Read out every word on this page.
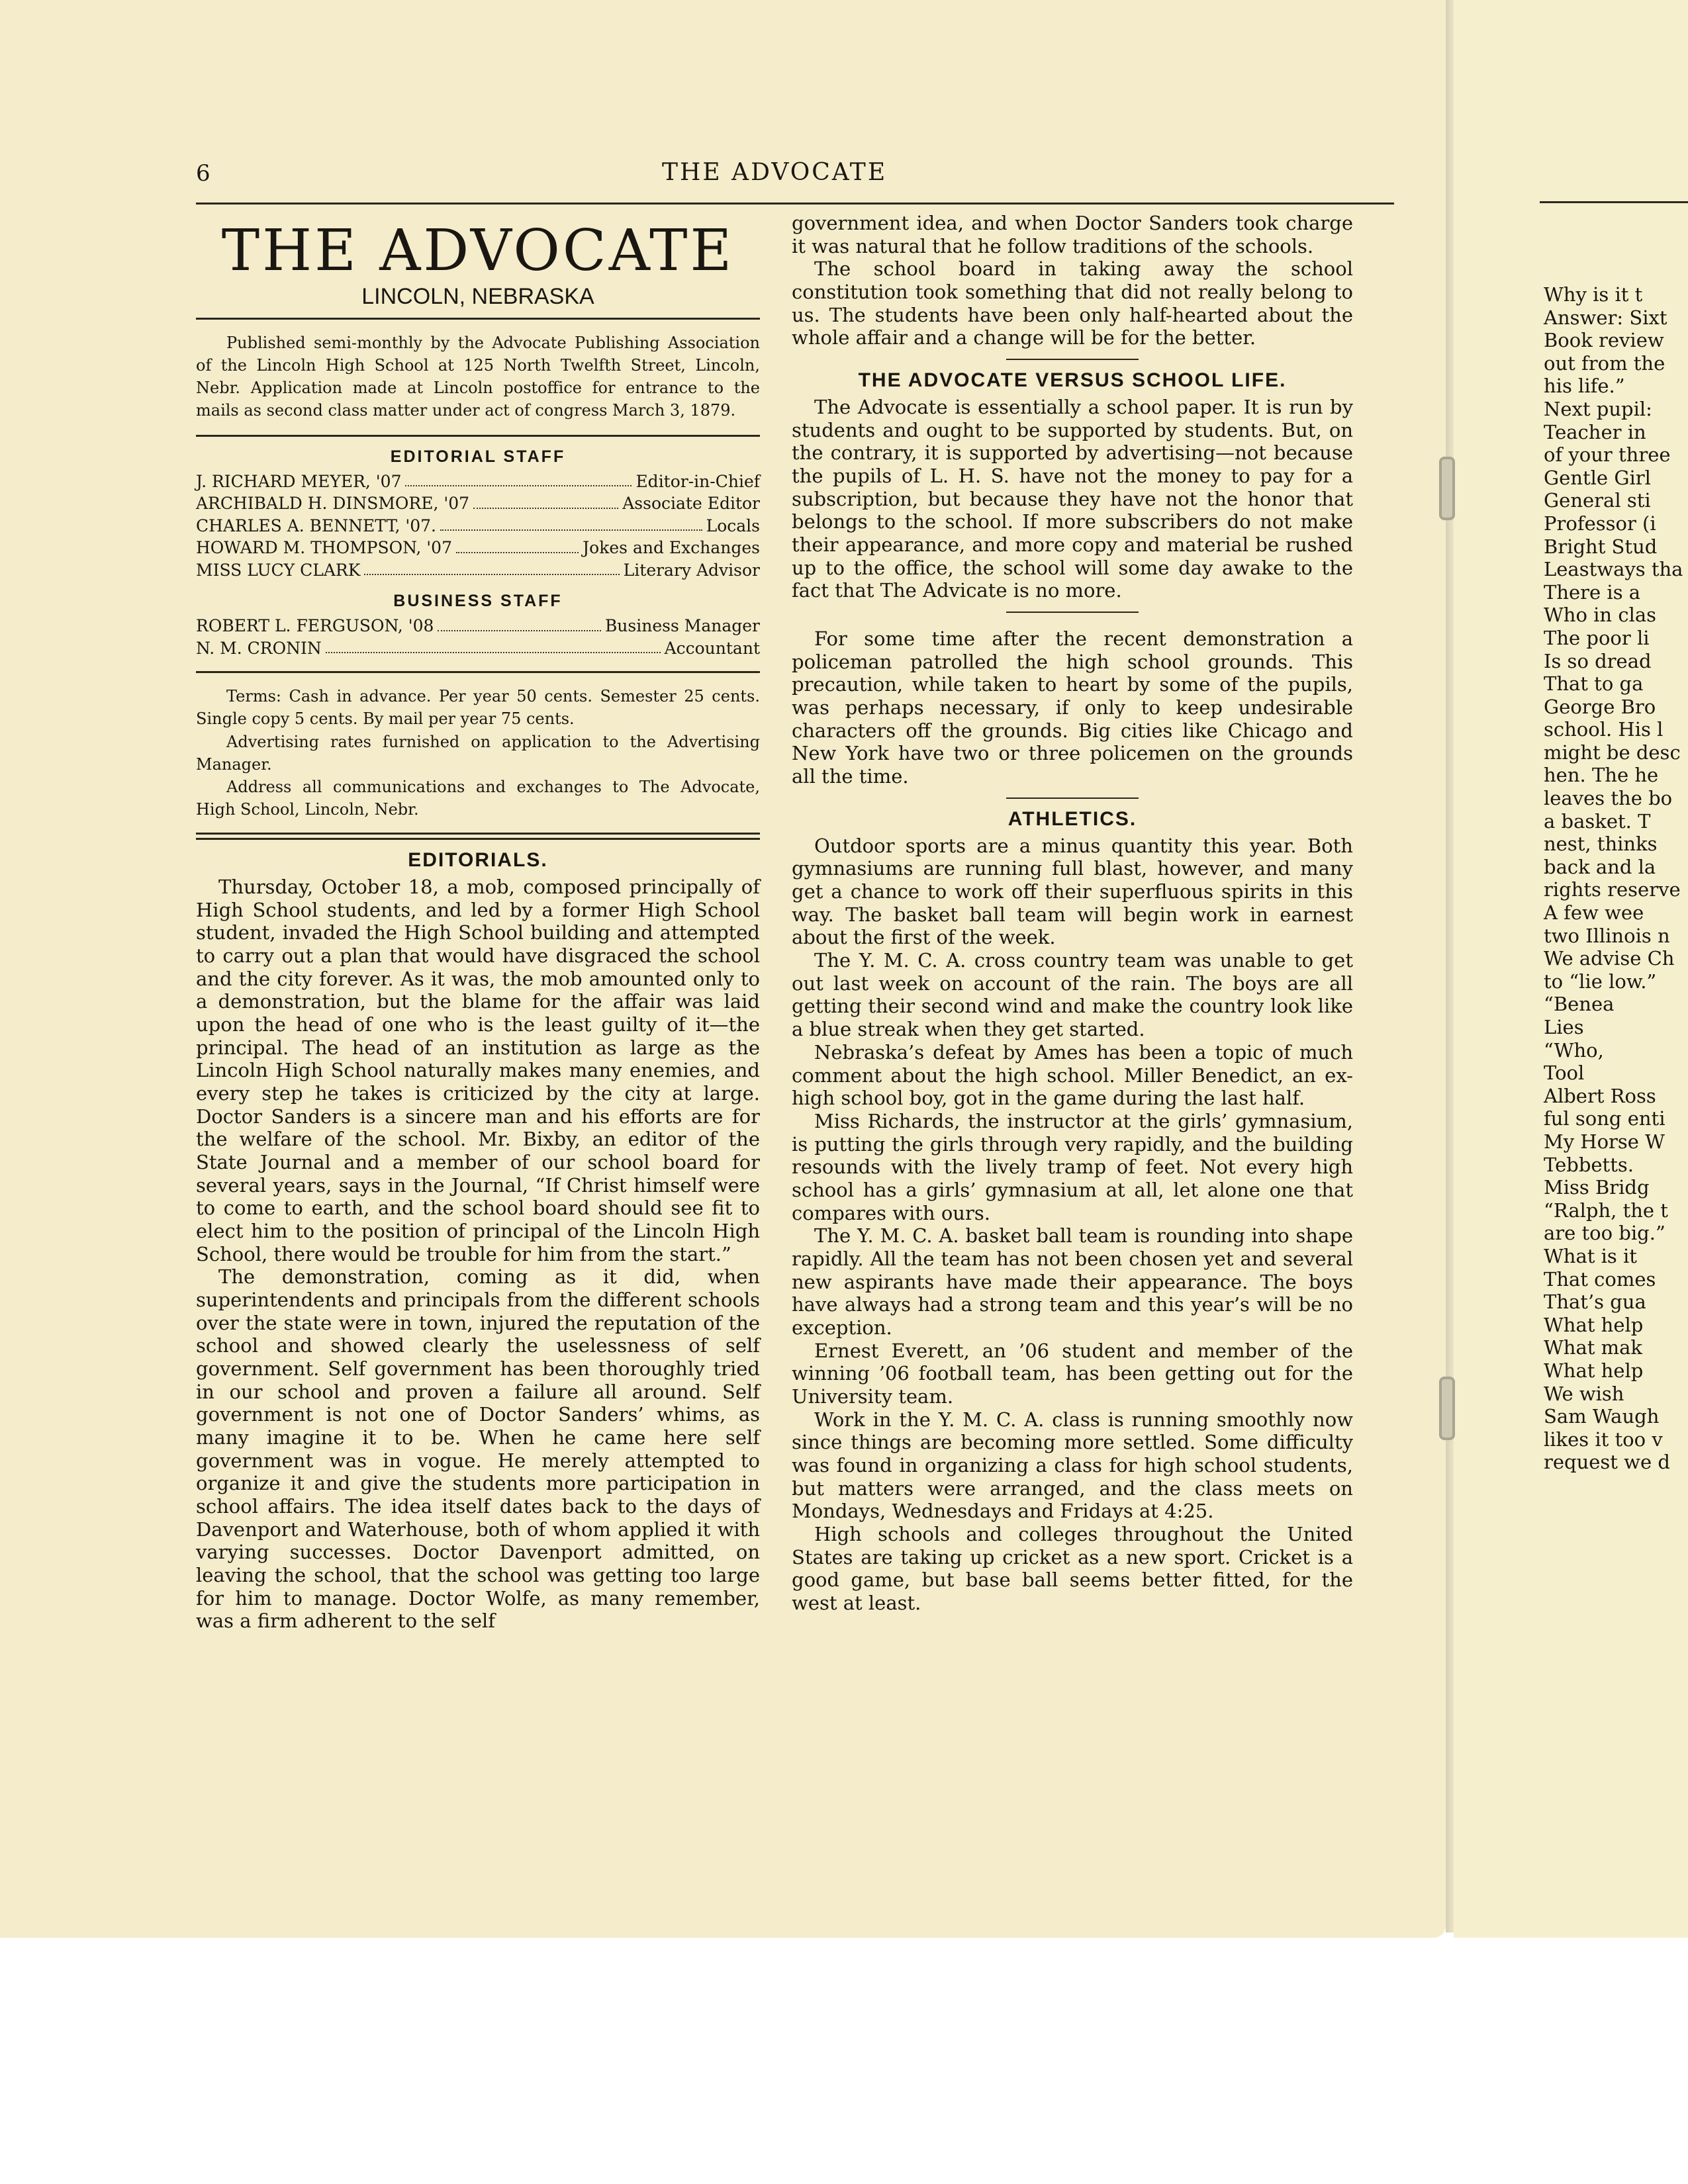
6	THE ADVOCATE
THE ADVOCATE
LINCOLN, NEBRASKA

Published semi-monthly by the Advocate Publishing Association of the Lincoln High School at 125 North Twelfth Street, Lincoln, Nebr. Application made at Lincoln postoffice for entrance to the mails as second class matter under act of congress March 3, 1879.

EDITORIAL STAFF
J. RICHARD MEYER, '07	Editor-in-Chief
ARCHIBALD H. DINSMORE, '07	Associate Editor
CHARLES A. BENNETT, '07.	Locals
HOWARD M. THOMPSON, '07	Jokes and Exchanges
MISS LUCY CLARK	Literary Advisor
BUSINESS STAFF
ROBERT L. FERGUSON, '08	Business Manager
N. M. CRONIN	Accountant

Terms: Cash in advance. Per year 50 cents. Semester 25 cents. Single copy 5 cents. By mail per year 75 cents.

Advertising rates furnished on application to the Advertising Manager.

Address all communications and exchanges to The Advocate, High School, Lincoln, Nebr.

EDITORIALS.

Thursday, October 18, a mob, composed principally of High School students, and led by a former High School student, invaded the High School building and attempted to carry out a plan that would have disgraced the school and the city forever. As it was, the mob amounted only to a demonstration, but the blame for the affair was laid upon the head of one who is the least guilty of it—the principal. The head of an institution as large as the Lincoln High School naturally makes many enemies, and every step he takes is criticized by the city at large. Doctor Sanders is a sincere man and his efforts are for the welfare of the school. Mr. Bixby, an editor of the State Journal and a member of our school board for several years, says in the Journal, “If Christ himself were to come to earth, and the school board should see fit to elect him to the position of principal of the Lincoln High School, there would be trouble for him from the start.”

The demonstration, coming as it did, when superintendents and principals from the different schools over the state were in town, injured the reputation of the school and showed clearly the uselessness of self government. Self government has been thoroughly tried in our school and proven a failure all around. Self government is not one of Doctor Sanders’ whims, as many imagine it to be. When he came here self government was in vogue. He merely attempted to organize it and give the students more participation in school affairs. The idea itself dates back to the days of Davenport and Waterhouse, both of whom applied it with varying successes. Doctor Davenport admitted, on leaving the school, that the school was getting too large for him to manage. Doctor Wolfe, as many remember, was a firm adherent to the self

government idea, and when Doctor Sanders took charge it was natural that he follow traditions of the schools.

The school board in taking away the school constitution took something that did not really belong to us. The students have been only half-hearted about the whole affair and a change will be for the better.

THE ADVOCATE VERSUS SCHOOL LIFE.

The Advocate is essentially a school paper. It is run by students and ought to be supported by students. But, on the contrary, it is supported by advertising—not because the pupils of L. H. S. have not the money to pay for a subscription, but because they have not the honor that belongs to the school. If more subscribers do not make their appearance, and more copy and material be rushed up to the office, the school will some day awake to the fact that The Advicate is no more.

For some time after the recent demonstration a policeman patrolled the high school grounds. This precaution, while taken to heart by some of the pupils, was perhaps necessary, if only to keep undesirable characters off the grounds. Big cities like Chicago and New York have two or three policemen on the grounds all the time.

ATHLETICS.

Outdoor sports are a minus quantity this year. Both gymnasiums are running full blast, however, and many get a chance to work off their superfluous spirits in this way. The basket ball team will begin work in earnest about the first of the week.

The Y. M. C. A. cross country team was unable to get out last week on account of the rain. The boys are all getting their second wind and make the country look like a blue streak when they get started.

Nebraska’s defeat by Ames has been a topic of much comment about the high school. Miller Benedict, an ex-high school boy, got in the game during the last half.

Miss Richards, the instructor at the girls’ gymnasium, is putting the girls through very rapidly, and the building resounds with the lively tramp of feet. Not every high school has a girls’ gymnasium at all, let alone one that compares with ours.

The Y. M. C. A. basket ball team is rounding into shape rapidly. All the team has not been chosen yet and several new aspirants have made their appearance. The boys have always had a strong team and this year’s will be no exception.

Ernest Everett, an ’06 student and member of the winning ’06 football team, has been getting out for the University team.

Work in the Y. M. C. A. class is running smoothly now since things are becoming more settled. Some difficulty was found in organizing a class for high school students, but matters were arranged, and the class meets on Mondays, Wednesdays and Fridays at 4:25.

High schools and colleges throughout the United States are taking up cricket as a new sport. Cricket is a good game, but base ball seems better fitted, for the west at least.

Why is it t
Answer: Sixt
Book review
out from the
his life.”
Next pupil:
Teacher in
of your three
Gentle Girl
General sti
Professor (i
Bright Stud
Leastways tha
There is a
Who in clas
The poor li
Is so dread
That to ga
George Bro
school. His l
might be desc
hen. The he
leaves the bo
a basket. T
nest, thinks
back and la
rights reserve
A few wee
two Illinois n
We advise Ch
to “lie low.”
“Benea
Lies
“Who,
Tool
Albert Ross
ful song enti
My Horse W
Tebbetts.
Miss Bridg
“Ralph, the t
are too big.”
What is it
That comes
That’s gua
What help
What mak
What help
We wish
Sam Waugh
likes it too v
request we d
